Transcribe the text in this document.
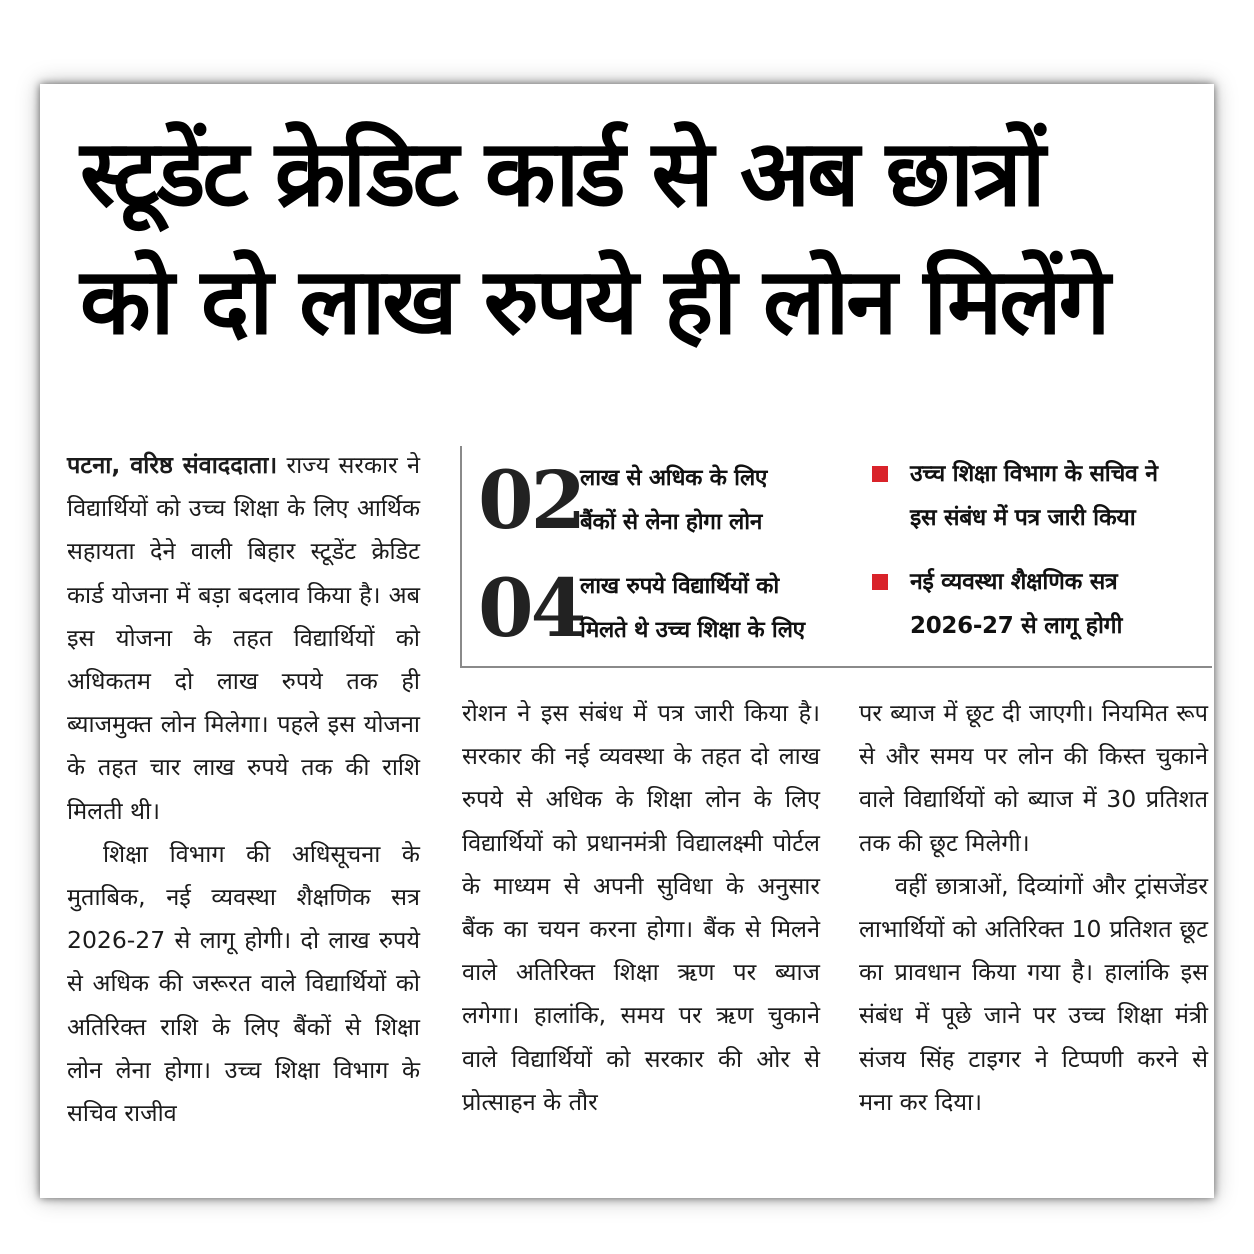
स्टूडेंट क्रेडिट कार्ड से अब छात्रों
को दो लाख रुपये ही लोन मिलेंगे

पटना, वरिष्ठ संवाददाता। राज्य सरकार ने विद्यार्थियों को उच्च शिक्षा के लिए आर्थिक सहायता देने वाली बिहार स्टूडेंट क्रेडिट कार्ड योजना में बड़ा बदलाव किया है। अब इस योजना के तहत विद्यार्थियों को अधिकतम दो लाख रुपये तक ही ब्याजमुक्त लोन मिलेगा। पहले इस योजना के तहत चार लाख रुपये तक की राशि मिलती थी।

शिक्षा विभाग की अधिसूचना के मुताबिक, नई व्यवस्था शैक्षणिक सत्र 2026-27 से लागू होगी। दो लाख रुपये से अधिक की जरूरत वाले विद्यार्थियों को अतिरिक्त राशि के लिए बैंकों से शिक्षा लोन लेना होगा। उच्च शिक्षा विभाग के सचिव राजीव

02
लाख से अधिक के लिए
बैंकों से लेना होगा लोन
04
लाख रुपये विद्यार्थियों को
मिलते थे उच्च शिक्षा के लिए
उच्च शिक्षा विभाग के सचिव ने
इस संबंध में पत्र जारी किया
नई व्यवस्था शैक्षणिक सत्र
2026-27 से लागू होगी

रोशन ने इस संबंध में पत्र जारी किया है। सरकार की नई व्यवस्था के तहत दो लाख रुपये से अधिक के शिक्षा लोन के लिए विद्यार्थियों को प्रधानमंत्री विद्यालक्ष्मी पोर्टल के माध्यम से अपनी सुविधा के अनुसार बैंक का चयन करना होगा। बैंक से मिलने वाले अतिरिक्त शिक्षा ऋण पर ब्याज लगेगा। हालांकि, समय पर ऋण चुकाने वाले विद्यार्थियों को सरकार की ओर से प्रोत्साहन के तौर

पर ब्याज में छूट दी जाएगी। नियमित रूप से और समय पर लोन की किस्त चुकाने वाले विद्यार्थियों को ब्याज में 30 प्रतिशत तक की छूट मिलेगी।

वहीं छात्राओं, दिव्यांगों और ट्रांसजेंडर लाभार्थियों को अतिरिक्त 10 प्रतिशत छूट का प्रावधान किया गया है। हालांकि इस संबंध में पूछे जाने पर उच्च शिक्षा मंत्री संजय सिंह टाइगर ने टिप्पणी करने से मना कर दिया।
